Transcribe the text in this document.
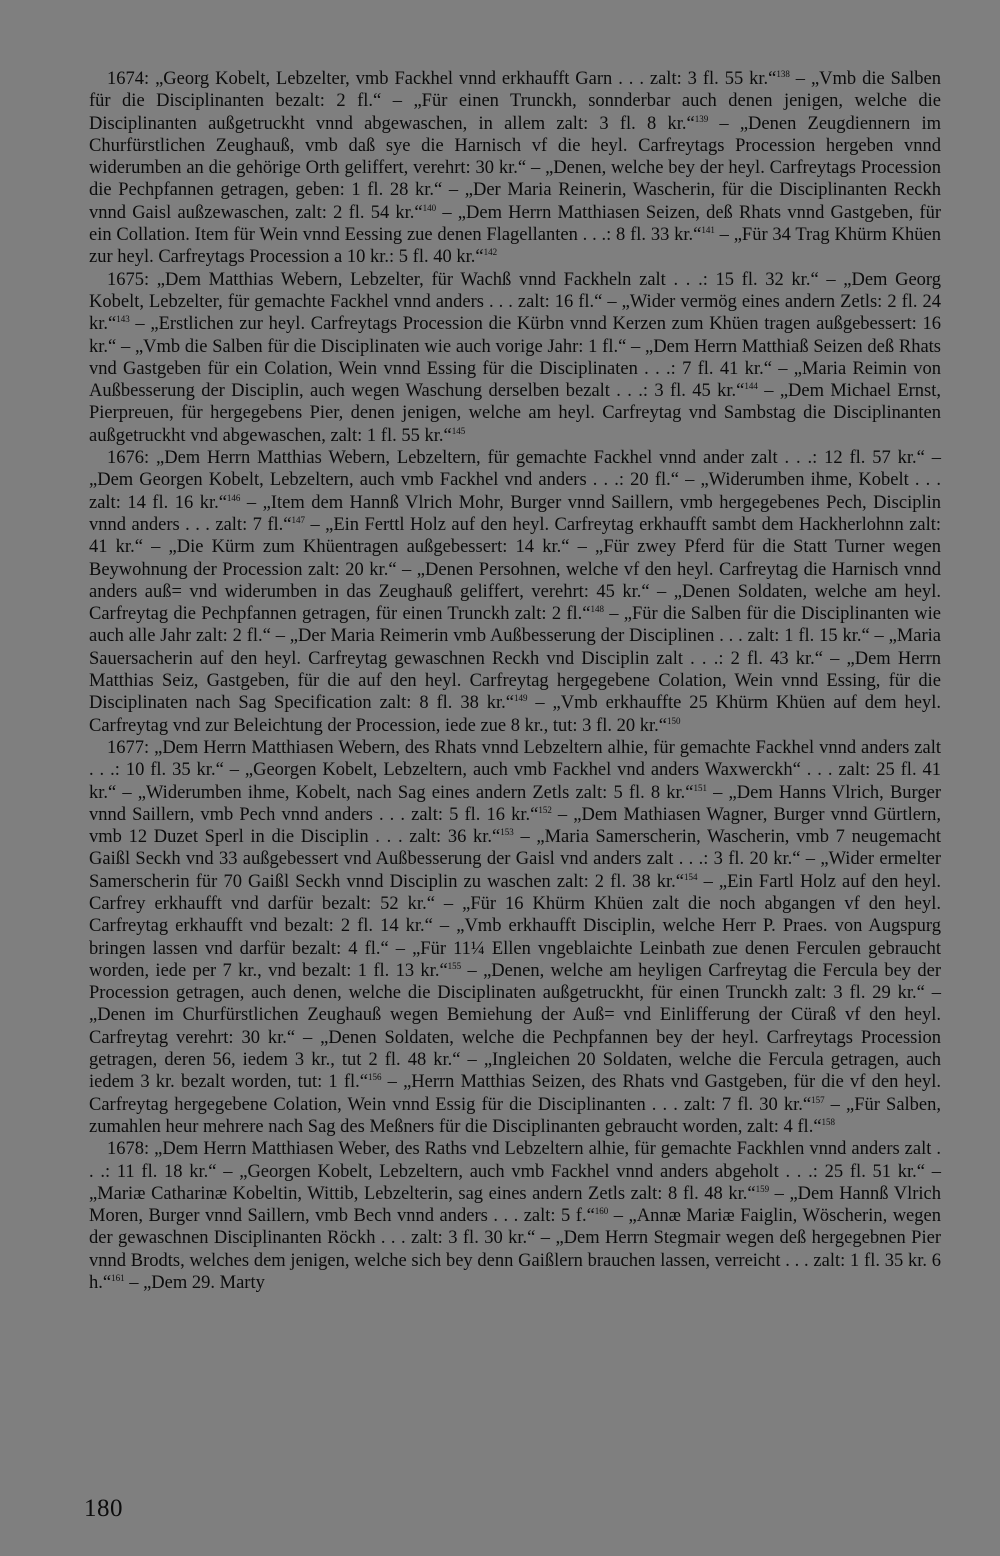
1674: „Georg Kobelt, Lebzelter, vmb Fackhel vnnd erkhaufft Garn . . . zalt: 3 fl. 55 kr.“$^{138}$ – „Vmb die Salben für die Disciplinanten bezalt: 2 fl.“ – „Für einen Trunckh, sonnderbar auch denen jenigen, welche die Disciplinanten außgetruckht vnnd abgewaschen, in allem zalt: 3 fl. 8 kr.“$^{139}$ – „Denen Zeugdiennern im Churfürstlichen Zeughauß, vmb daß sye die Harnisch vf die heyl. Carfreytags Procession hergeben vnnd widerumben an die gehörige Orth geliffert, verehrt: 30 kr.“ – „Denen, welche bey der heyl. Carfreytags Procession die Pechpfannen getragen, geben: 1 fl. 28 kr.“ – „Der Maria Reinerin, Wascherin, für die Disciplinanten Reckh vnnd Gaisl außzewaschen, zalt: 2 fl. 54 kr.“$^{140}$ – „Dem Herrn Matthiasen Seizen, deß Rhats vnnd Gastgeben, für ein Collation. Item für Wein vnnd Eessing zue denen Flagellanten . . .: 8 fl. 33 kr.“$^{141}$ – „Für 34 Trag Khürm Khüen zur heyl. Carfreytags Procession a 10 kr.: 5 fl. 40 kr.“$^{142}$

1675: „Dem Matthias Webern, Lebzelter, für Wachß vnnd Fackheln zalt . . .: 15 fl. 32 kr.“ – „Dem Georg Kobelt, Lebzelter, für gemachte Fackhel vnnd anders . . . zalt: 16 fl.“ – „Wider vermög eines andern Zetls: 2 fl. 24 kr.“$^{143}$ – „Erstlichen zur heyl. Carfreytags Procession die Kürbn vnnd Kerzen zum Khüen tragen außgebessert: 16 kr.“ – „Vmb die Salben für die Disciplinaten wie auch vorige Jahr: 1 fl.“ – „Dem Herrn Matthiaß Seizen deß Rhats vnd Gastgeben für ein Colation, Wein vnnd Essing für die Disciplinaten . . .: 7 fl. 41 kr.“ – „Maria Reimin von Außbesserung der Disciplin, auch wegen Waschung derselben bezalt . . .: 3 fl. 45 kr.“$^{144}$ – „Dem Michael Ernst, Pierpreuen, für hergegebens Pier, denen jenigen, welche am heyl. Carfreytag vnd Sambstag die Disciplinanten außgetruckht vnd abgewaschen, zalt: 1 fl. 55 kr.“$^{145}$

1676: „Dem Herrn Matthias Webern, Lebzeltern, für gemachte Fackhel vnnd ander zalt . . .: 12 fl. 57 kr.“ – „Dem Georgen Kobelt, Lebzeltern, auch vmb Fackhel vnd anders . . .: 20 fl.“ – „Widerumben ihme, Kobelt . . . zalt: 14 fl. 16 kr.“$^{146}$ – „Item dem Hannß Vlrich Mohr, Burger vnnd Saillern, vmb hergegebenes Pech, Disciplin vnnd anders . . . zalt: 7 fl.“$^{147}$ – „Ein Ferttl Holz auf den heyl. Carfreytag erkhaufft sambt dem Hackherlohnn zalt: 41 kr.“ – „Die Kürm zum Khüentragen außgebessert: 14 kr.“ – „Für zwey Pferd für die Statt Turner wegen Beywohnung der Procession zalt: 20 kr.“ – „Denen Persohnen, welche vf den heyl. Carfreytag die Harnisch vnnd anders auß= vnd widerumben in das Zeughauß geliffert, verehrt: 45 kr.“ – „Denen Soldaten, welche am heyl. Carfreytag die Pechpfannen getragen, für einen Trunckh zalt: 2 fl.“$^{148}$ – „Für die Salben für die Disciplinanten wie auch alle Jahr zalt: 2 fl.“ – „Der Maria Reimerin vmb Außbesserung der Disciplinen . . . zalt: 1 fl. 15 kr.“ – „Maria Sauersacherin auf den heyl. Carfreytag gewaschnen Reckh vnd Disciplin zalt . . .: 2 fl. 43 kr.“ – „Dem Herrn Matthias Seiz, Gastgeben, für die auf den heyl. Carfreytag hergegebene Colation, Wein vnnd Essing, für die Disciplinaten nach Sag Specification zalt: 8 fl. 38 kr.“$^{149}$ – „Vmb erkhauffte 25 Khürm Khüen auf dem heyl. Carfreytag vnd zur Beleichtung der Procession, iede zue 8 kr., tut: 3 fl. 20 kr.“$^{150}$

1677: „Dem Herrn Matthiasen Webern, des Rhats vnnd Lebzeltern alhie, für gemachte Fackhel vnnd anders zalt . . .: 10 fl. 35 kr.“ – „Georgen Kobelt, Lebzeltern, auch vmb Fackhel vnd anders Waxwerckh“ . . . zalt: 25 fl. 41 kr.“ – „Widerumben ihme, Kobelt, nach Sag eines andern Zetls zalt: 5 fl. 8 kr.“$^{151}$ – „Dem Hanns Vlrich, Burger vnnd Saillern, vmb Pech vnnd anders . . . zalt: 5 fl. 16 kr.“$^{152}$ – „Dem Mathiasen Wagner, Burger vnnd Gürtlern, vmb 12 Duzet Sperl in die Disciplin . . . zalt: 36 kr.“$^{153}$ – „Maria Samerscherin, Wascherin, vmb 7 neugemacht Gaißl Seckh vnd 33 außgebessert vnd Außbesserung der Gaisl vnd anders zalt . . .: 3 fl. 20 kr.“ – „Wider ermelter Samerscherin für 70 Gaißl Seckh vnnd Disciplin zu waschen zalt: 2 fl. 38 kr.“$^{154}$ – „Ein Fartl Holz auf den heyl. Carfrey erkhaufft vnd darfür bezalt: 52 kr.“ – „Für 16 Khürm Khüen zalt die noch abgangen vf den heyl. Carfreytag erkhaufft vnd bezalt: 2 fl. 14 kr.“ – „Vmb erkhaufft Disciplin, welche Herr P. Praes. von Augspurg bringen lassen vnd darfür bezalt: 4 fl.“ – „Für 11¼ Ellen vngeblaichte Leinbath zue denen Ferculen gebraucht worden, iede per 7 kr., vnd bezalt: 1 fl. 13 kr.“$^{155}$ – „Denen, welche am heyligen Carfreytag die Fercula bey der Procession getragen, auch denen, welche die Disciplinaten außgetruckht, für einen Trunckh zalt: 3 fl. 29 kr.“ – „Denen im Churfürstlichen Zeughauß wegen Bemiehung der Auß= vnd Einlifferung der Cüraß vf den heyl. Carfreytag verehrt: 30 kr.“ – „Denen Soldaten, welche die Pechpfannen bey der heyl. Carfreytags Procession getragen, deren 56, iedem 3 kr., tut 2 fl. 48 kr.“ – „Ingleichen 20 Soldaten, welche die Fercula getragen, auch iedem 3 kr. bezalt worden, tut: 1 fl.“$^{156}$ – „Herrn Matthias Seizen, des Rhats vnd Gastgeben, für die vf den heyl. Carfreytag hergegebene Colation, Wein vnnd Essig für die Disciplinanten . . . zalt: 7 fl. 30 kr.“$^{157}$ – „Für Salben, zumahlen heur mehrere nach Sag des Meßners für die Disciplinanten gebraucht worden, zalt: 4 fl.“$^{158}$

1678: „Dem Herrn Matthiasen Weber, des Raths vnd Lebzeltern alhie, für gemachte Fackhlen vnnd anders zalt . . .: 11 fl. 18 kr.“ – „Georgen Kobelt, Lebzeltern, auch vmb Fackhel vnnd anders abgeholt . . .: 25 fl. 51 kr.“ – „Mariæ Catharinæ Kobeltin, Wittib, Lebzelterin, sag eines andern Zetls zalt: 8 fl. 48 kr.“$^{159}$ – „Dem Hannß Vlrich Moren, Burger vnnd Saillern, vmb Bech vnnd anders . . . zalt: 5 f.“$^{160}$ – „Annæ Mariæ Faiglin, Wöscherin, wegen der gewaschnen Disciplinanten Röckh . . . zalt: 3 fl. 30 kr.“ – „Dem Herrn Stegmair wegen deß hergegebnen Pier vnnd Brodts, welches dem jenigen, welche sich bey denn Gaißlern brauchen lassen, verreicht . . . zalt: 1 fl. 35 kr. 6 h.“$^{161}$ – „Dem 29. Marty

180
